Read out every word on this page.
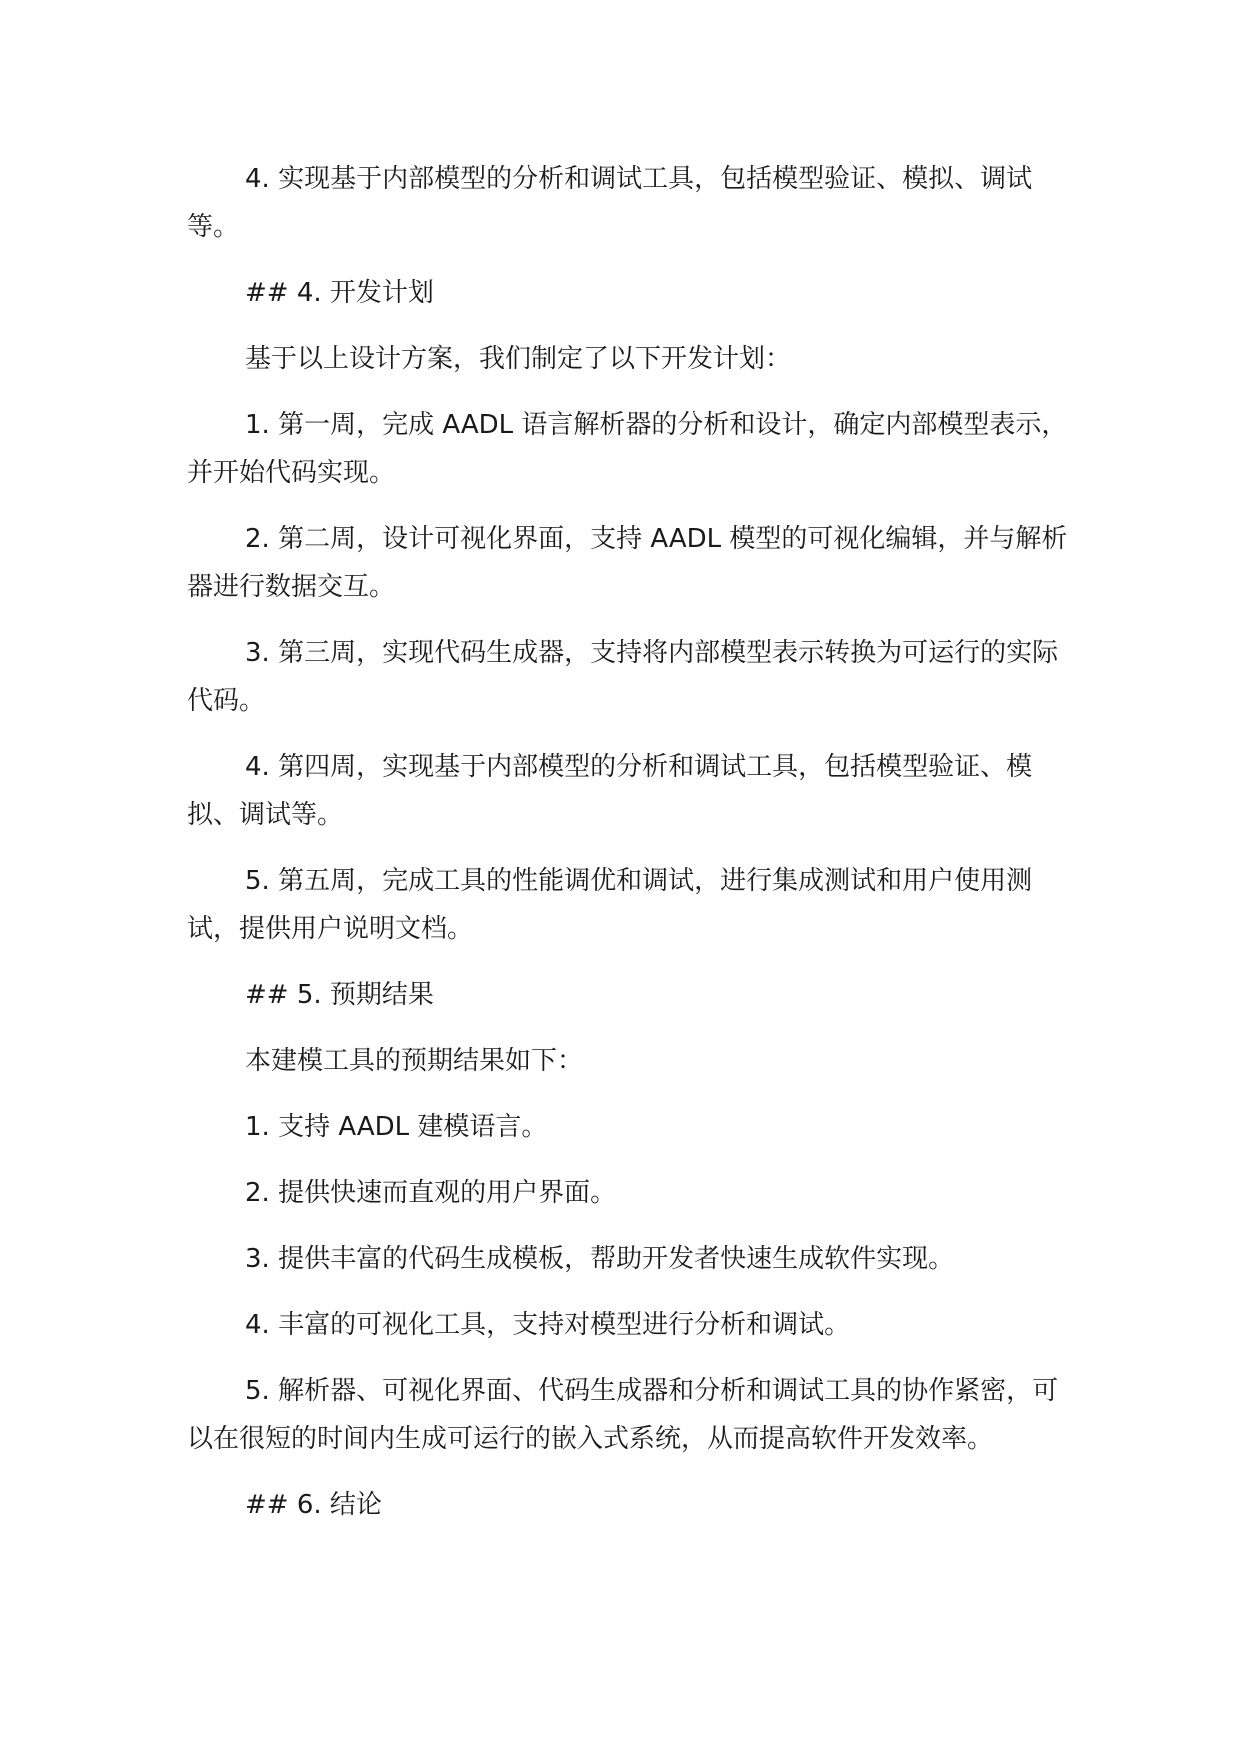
4. 实现基于内部模型的分析和调试工具，包括模型验证、模拟、调试等。

## 4. 开发计划

基于以上设计方案，我们制定了以下开发计划：

1. 第一周，完成 AADL 语言解析器的分析和设计，确定内部模型表示，并开始代码实现。

2. 第二周，设计可视化界面，支持 AADL 模型的可视化编辑，并与解析器进行数据交互。

3. 第三周，实现代码生成器，支持将内部模型表示转换为可运行的实际代码。

4. 第四周，实现基于内部模型的分析和调试工具，包括模型验证、模拟、调试等。

5. 第五周，完成工具的性能调优和调试，进行集成测试和用户使用测试，提供用户说明文档。

## 5. 预期结果

本建模工具的预期结果如下：

1. 支持 AADL 建模语言。

2. 提供快速而直观的用户界面。

3. 提供丰富的代码生成模板，帮助开发者快速生成软件实现。

4. 丰富的可视化工具，支持对模型进行分析和调试。

5. 解析器、可视化界面、代码生成器和分析和调试工具的协作紧密，可以在很短的时间内生成可运行的嵌入式系统，从而提高软件开发效率。

## 6. 结论
